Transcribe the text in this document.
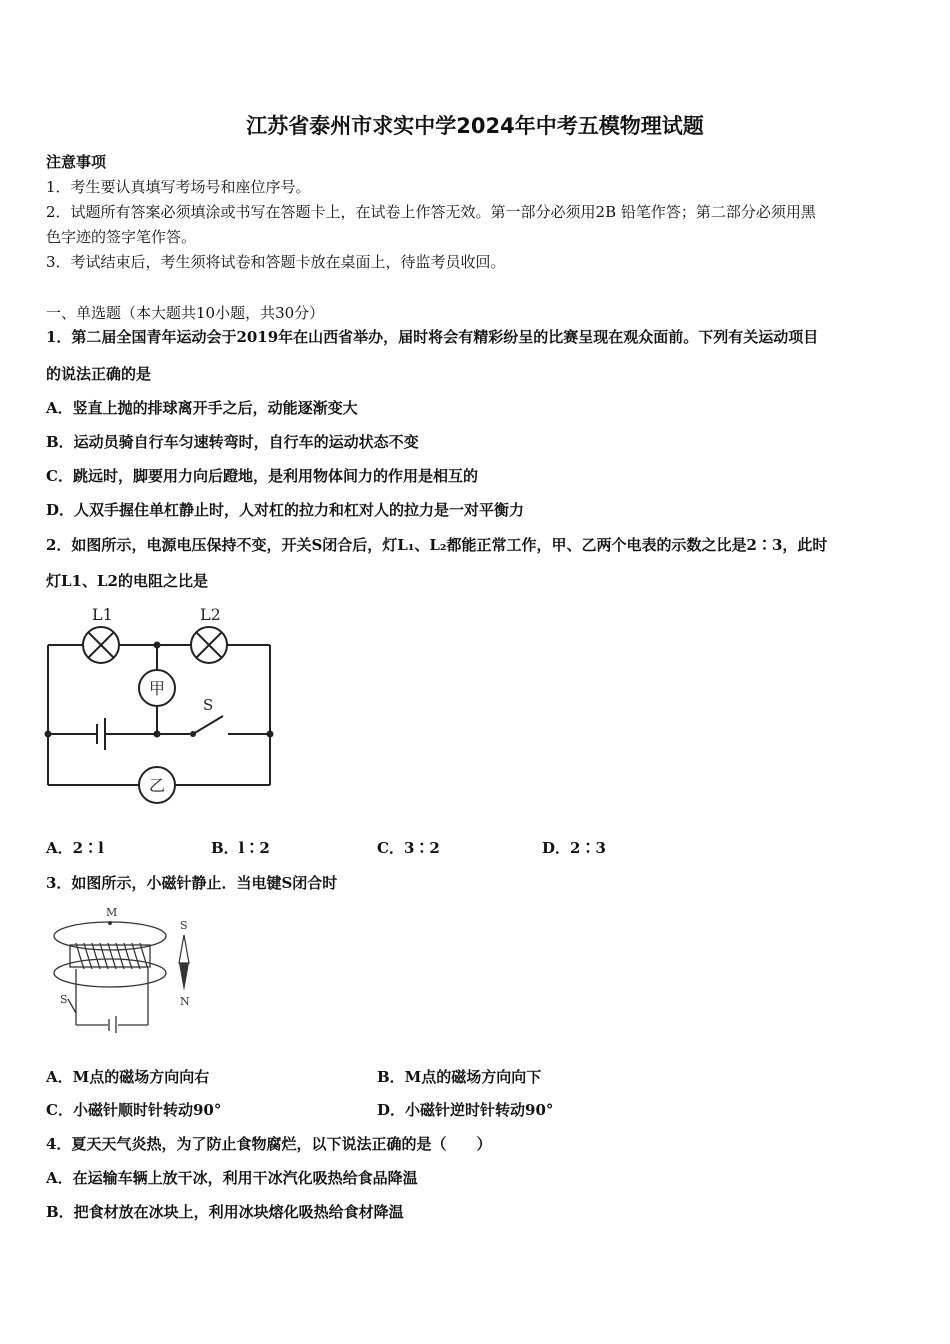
江苏省泰州市求实中学2024年中考五模物理试题
注意事项
1．考生要认真填写考场号和座位序号。
2．试题所有答案必须填涂或书写在答题卡上，在试卷上作答无效。第一部分必须用2B 铅笔作答；第二部分必须用黑
色字迹的签字笔作答。
3．考试结束后，考生须将试卷和答题卡放在桌面上，待监考员收回。
一、单选题（本大题共10小题，共30分）
1．第二届全国青年运动会于2019年在山西省举办，届时将会有精彩纷呈的比赛呈现在观众面前。下列有关运动项目
的说法正确的是
A．竖直上抛的排球离开手之后，动能逐渐变大
B．运动员骑自行车匀速转弯时，自行车的运动状态不变
C．跳远时，脚要用力向后蹬地，是利用物体间力的作用是相互的
D．人双手握住单杠静止时，人对杠的拉力和杠对人的拉力是一对平衡力
2．如图所示，电源电压保持不变，开关S闭合后，灯L₁、L₂都能正常工作，甲、乙两个电表的示数之比是2∶3，此时
灯L1、L2的电阻之比是
S
L1	L2
甲
乙
A．2∶l	B．l∶2	C．3∶2	D．2∶3
3．如图所示，小磁针静止．当电键S闭合时
M
S
S
N
A．M点的磁场方向向右	B．M点的磁场方向向下
C．小磁针顺时针转动90°	D．小磁针逆时针转动90°
4．夏天天气炎热，为了防止食物腐烂，以下说法正确的是（　　）
A．在运输车辆上放干冰，利用干冰汽化吸热给食品降温
B．把食材放在冰块上，利用冰块熔化吸热给食材降温
